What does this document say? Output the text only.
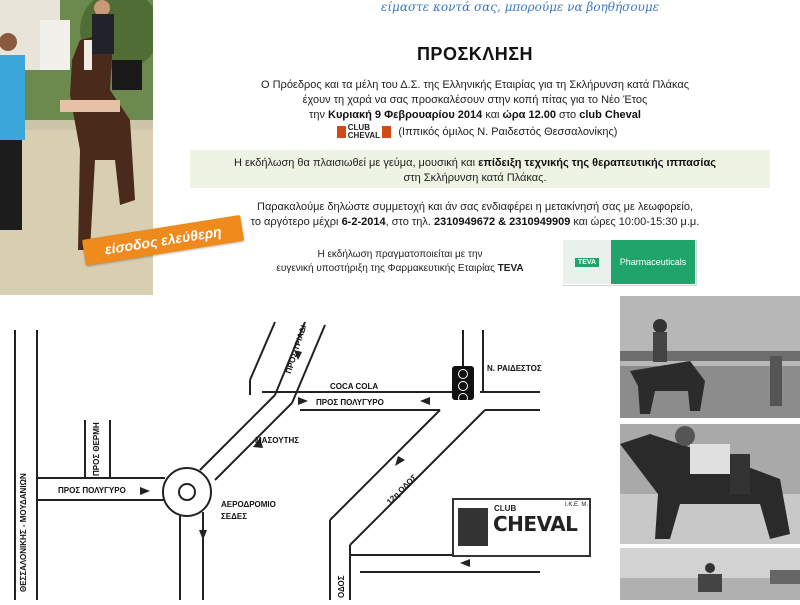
είσοδος ελεύθερη
είμαστε κοντά σας, μπορούμε να βοηθήσουμε
ΠΡΟΣΚΛΗΣΗ
Ο Πρόεδρος και τα μέλη του Δ.Σ. της Ελληνικής Εταιρίας για τη Σκλήρυνση κατά Πλάκας
έχουν τη χαρά να σας προσκαλέσουν στην κοπή πίτας για το Νέο Έτος
την Κυριακή 9 Φεβρουαρίου 2014 και ώρα 12.00 στο club Cheval
CLUB
CHEVAL (Ιππικός όμιλος Ν. Ραιδεστός Θεσσαλονίκης)
Η εκδήλωση θα πλαισιωθεί με γεύμα, μουσική και επίδειξη τεχνικής της θεραπευτικής ιππασίας
στη Σκλήρυνση κατά Πλάκας.
Παρακαλούμε δηλώστε συμμετοχή και άν σας ενδιαφέρει η μετακίνησή σας με λεωφορείο,
το αργότερο μέχρι 6-2-2014, στο τηλ. 2310949672 & 2310949909 και ώρες 10:00-15:30 μ.μ.
Η εκδήλωση πραγματοποιείται με την
ευγενική υποστήριξη της Φαρμακευτικής Εταιρίας TEVA
TEVA	Pharmaceuticals
ΘΕΣΣΑΛΟΝΙΚΗΣ - ΜΟΥΔΑΝΙΩΝ
ΠΡΟΣ ΘΕΡΜΗ
ΠΡΟΣ ΠΟΛΥΓΥΡΟ
ΠΡΟΣ ΤΡΙΑΔΙ
COCA COLA
ΠΡΟΣ ΠΟΛΥΓΥΡΟ
ΜΑΣΟΥΤΗΣ
ΑΕΡΟΔΡΟΜΙΟ
ΣΕΔΕΣ
Ν. ΡΑΙΔΕΣΤΟΣ
12η ΟΔΟΣ
ΟΔΟΣ
CLUB
CHEVAL
I.K.E. Μ.
